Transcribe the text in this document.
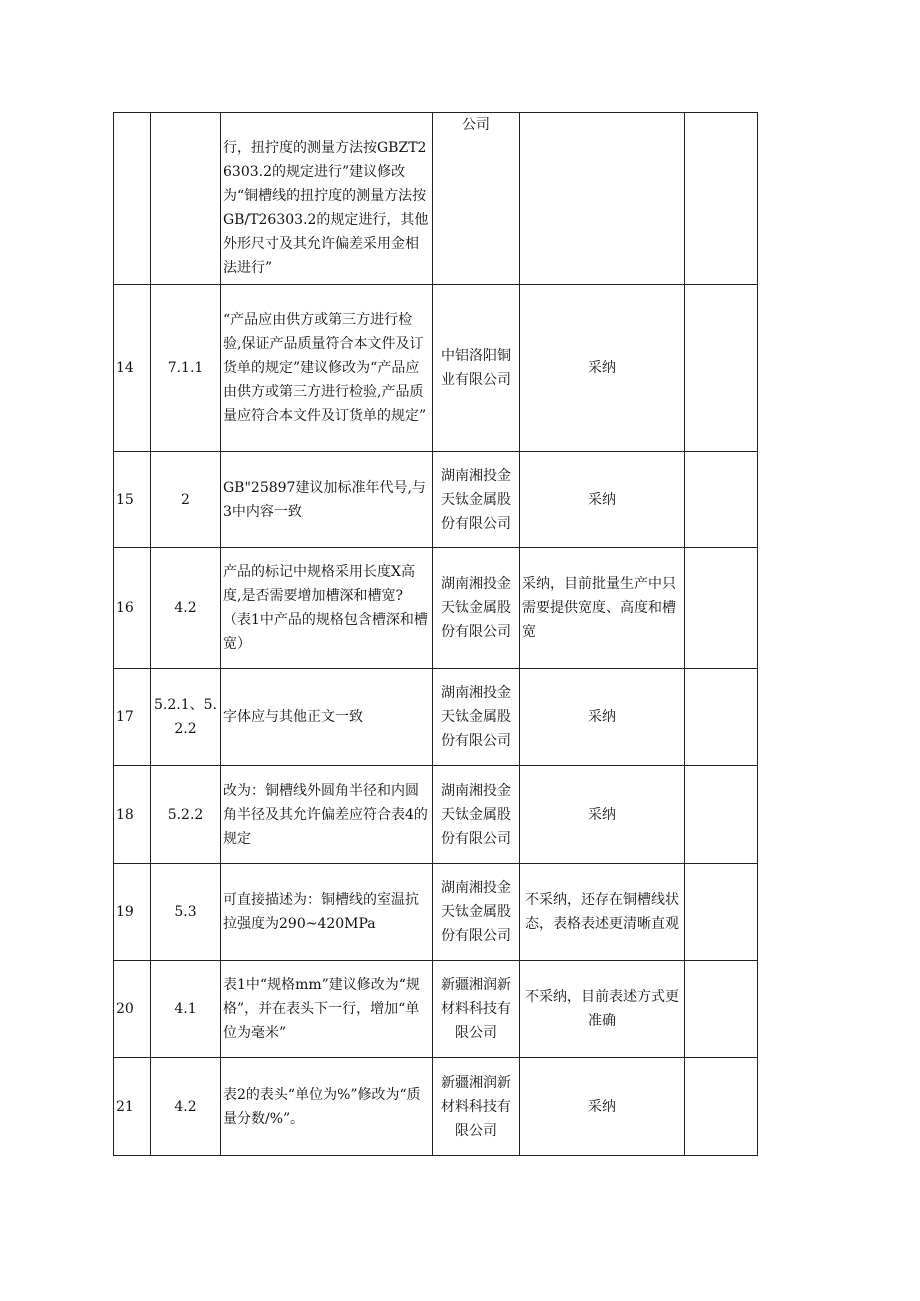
		行，扭拧度的测量方法按GBZT26303.2的规定进行”建议修改为“铜槽线的扭拧度的测量方法按GB/T26303.2的规定进行，其他外形尺寸及其允许偏差采用金相法进行”	公司		
14	7.1.1	“产品应由供方或第三方进行检验,保证产品质量符合本文件及订货单的规定”建议修改为“产品应由供方或第三方进行检验,产品质量应符合本文件及订货单的规定”	中铝洛阳铜业有限公司	采纳	
15	2	GB"25897建议加标准年代号,与3中内容一致	湖南湘投金天钛金属股份有限公司	采纳	
16	4.2	产品的标记中规格采用长度X高度,是否需要增加槽深和槽宽?（表1中产品的规格包含槽深和槽宽）	湖南湘投金天钛金属股份有限公司	采纳，目前批量生产中只需要提供宽度、高度和槽宽	
17	5.2.1、5.2.2	字体应与其他正文一致	湖南湘投金天钛金属股份有限公司	采纳	
18	5.2.2	改为：铜槽线外圆角半径和内圆角半径及其允许偏差应符合表4的规定	湖南湘投金天钛金属股份有限公司	采纳	
19	5.3	可直接描述为：铜槽线的室温抗拉强度为290~420MPa	湖南湘投金天钛金属股份有限公司	不采纳，还存在铜槽线状态，表格表述更清晰直观	
20	4.1	表1中“规格mm”建议修改为“规格”，并在表头下一行，增加“单位为毫米”	新疆湘润新材料科技有限公司	不采纳，目前表述方式更准确	
21	4.2	表2的表头“单位为%”修改为“质量分数/%”。	新疆湘润新材料科技有限公司	采纳	
